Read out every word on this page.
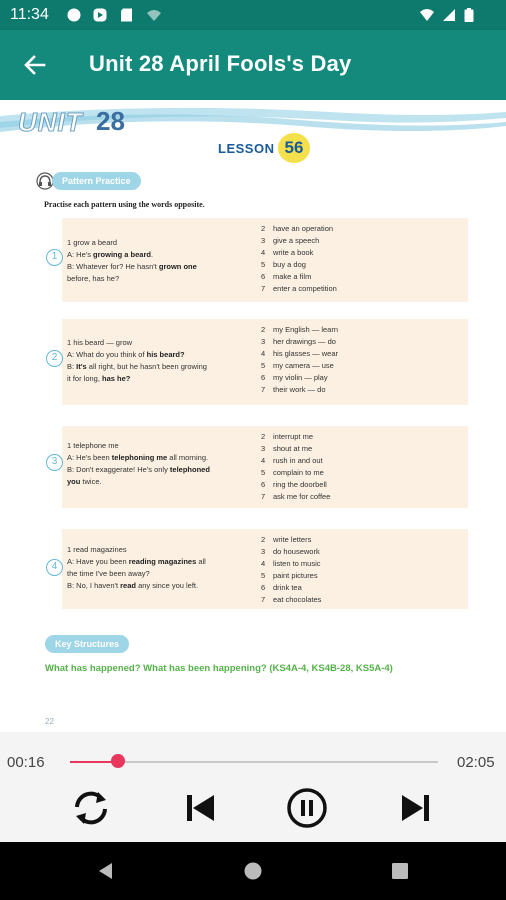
11:34
Unit 28 April Fools's Day
UNIT 28
LESSON 56
Pattern Practice
Practise each pattern using the words opposite.
1
1 grow a beard
A: He's growing a beard.
B: Whatever for? He hasn't grown one
before, has he?
2 have an operation
3 give a speech
4 write a book
5 buy a dog
6 make a film
7 enter a competition
2
1 his beard — grow
A: What do you think of his beard?
B: It's all right, but he hasn't been growing
it for long, has he?
2 my English — learn
3 her drawings — do
4 his glasses — wear
5 my camera — use
6 my violin — play
7 their work — do
3
1 telephone me
A: He's been telephoning me all morning.
B: Don't exaggerate! He's only telephoned
you twice.
2 interrupt me
3 shout at me
4 rush in and out
5 complain to me
6 ring the doorbell
7 ask me for coffee
4
1 read magazines
A: Have you been reading magazines all
the time I've been away?
B: No, I haven't read any since you left.
2 write letters
3 do housework
4 listen to music
5 paint pictures
6 drink tea
7 eat chocolates
Key Structures
What has happened? What has been happening? (KS4A-4, KS4B-28, KS5A-4)
22
00:16	02:05
